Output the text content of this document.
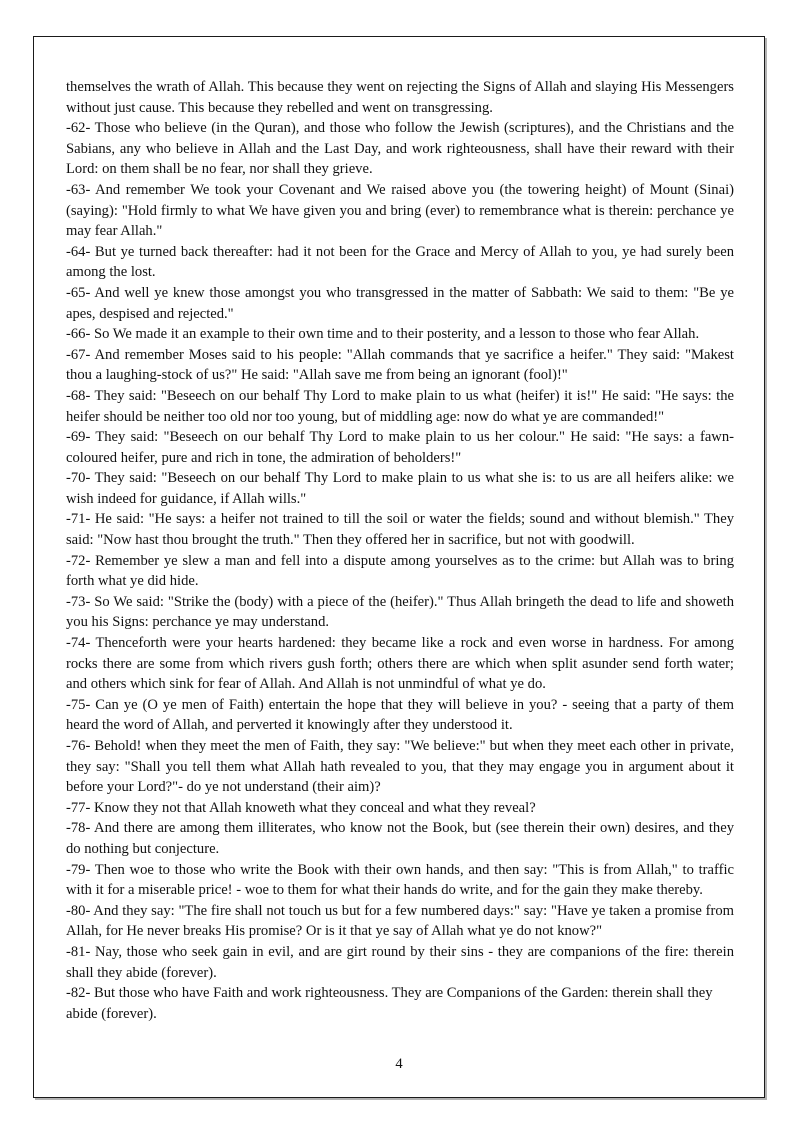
themselves the wrath of Allah. This because they went on rejecting the Signs of Allah and slaying His Messengers without just cause. This because they rebelled and went on transgressing.

-62- Those who believe (in the Quran), and those who follow the Jewish (scriptures), and the Christians and the Sabians, any who believe in Allah and the Last Day, and work righteousness, shall have their reward with their Lord: on them shall be no fear, nor shall they grieve.

-63- And remember We took your Covenant and We raised above you (the towering height) of Mount (Sinai) (saying): "Hold firmly to what We have given you and bring (ever) to remembrance what is therein: perchance ye may fear Allah."

-64- But ye turned back thereafter: had it not been for the Grace and Mercy of Allah to you, ye had surely been among the lost.

-65- And well ye knew those amongst you who transgressed in the matter of Sabbath: We said to them: "Be ye apes, despised and rejected."

-66- So We made it an example to their own time and to their posterity, and a lesson to those who fear Allah.

-67- And remember Moses said to his people: "Allah commands that ye sacrifice a heifer." They said: "Makest thou a laughing-stock of us?" He said: "Allah save me from being an ignorant (fool)!"

-68- They said: "Beseech on our behalf Thy Lord to make plain to us what (heifer) it is!" He said: "He says: the heifer should be neither too old nor too young, but of middling age: now do what ye are commanded!"

-69- They said: "Beseech on our behalf Thy Lord to make plain to us her colour." He said: "He says: a fawn-coloured heifer, pure and rich in tone, the admiration of beholders!"

-70- They said: "Beseech on our behalf Thy Lord to make plain to us what she is: to us are all heifers alike: we wish indeed for guidance, if Allah wills."

-71- He said: "He says: a heifer not trained to till the soil or water the fields; sound and without blemish." They said: "Now hast thou brought the truth." Then they offered her in sacrifice, but not with goodwill.

-72- Remember ye slew a man and fell into a dispute among yourselves as to the crime: but Allah was to bring forth what ye did hide.

-73- So We said: "Strike the (body) with a piece of the (heifer)." Thus Allah bringeth the dead to life and showeth you his Signs: perchance ye may understand.

-74- Thenceforth were your hearts hardened: they became like a rock and even worse in hardness. For among rocks there are some from which rivers gush forth; others there are which when split asunder send forth water; and others which sink for fear of Allah. And Allah is not unmindful of what ye do.

-75- Can ye (O ye men of Faith) entertain the hope that they will believe in you? - seeing that a party of them heard the word of Allah, and perverted it knowingly after they understood it.

-76- Behold! when they meet the men of Faith, they say: "We believe:" but when they meet each other in private, they say: "Shall you tell them what Allah hath revealed to you, that they may engage you in argument about it before your Lord?"- do ye not understand (their aim)?

-77- Know they not that Allah knoweth what they conceal and what they reveal?

-78- And there are among them illiterates, who know not the Book, but (see therein their own) desires, and they do nothing but conjecture.

-79- Then woe to those who write the Book with their own hands, and then say: "This is from Allah," to traffic with it for a miserable price! - woe to them for what their hands do write, and for the gain they make thereby.

-80- And they say: "The fire shall not touch us but for a few numbered days:" say: "Have ye taken a promise from Allah, for He never breaks His promise? Or is it that ye say of Allah what ye do not know?"

-81- Nay, those who seek gain in evil, and are girt round by their sins - they are companions of the fire: therein shall they abide (forever).

-82- But those who have Faith and work righteousness. They are Companions of the Garden: therein shall they abide (forever).

4
